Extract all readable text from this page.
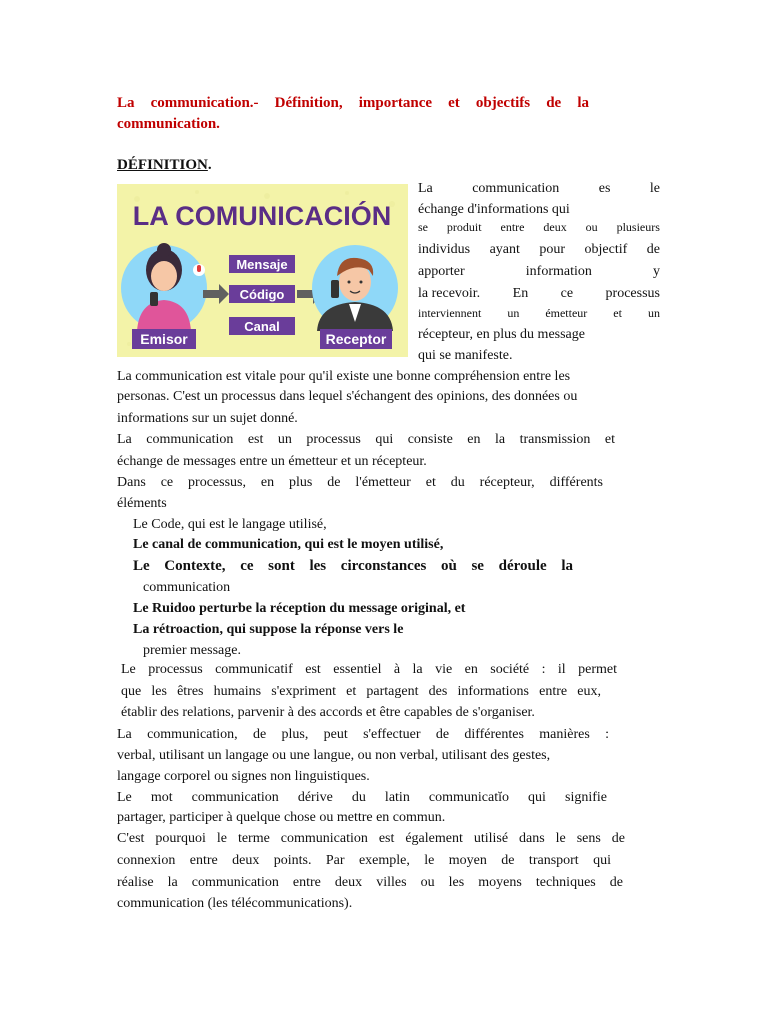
La communication.- Définition, importance et objectifs de la communication.
DÉFINITION.
LA COMUNICACIÓN
Emisor
Mensaje
Código
Canal
Receptor
La	communication	es	le
échange d'informations qui
se produit entre deux ou plusieurs
individus ayant pour objectif de
apporter	information	y
la recevoir. En ce processus
interviennent un émetteur et un
récepteur, en plus du message
qui se manifeste.
La communication est vitale pour qu'il existe une bonne compréhension entre les
personas. C'est un processus dans lequel s'échangent des opinions, des données ou
informations sur un sujet donné.
La communication est un processus qui consiste en la transmission et
échange de messages entre un émetteur et un récepteur.
Dans ce processus, en plus de l'émetteur et du récepteur, différents
éléments
Le Code, qui est le langage utilisé,
Le canal de communication, qui est le moyen utilisé,
Le Contexte, ce sont les circonstances où se déroule la
communication
Le Ruidoo perturbe la réception du message original, et
La rétroaction, qui suppose la réponse vers le
premier message.
Le processus communicatif est essentiel à la vie en société : il permet
que les êtres humains s'expriment et partagent des informations entre eux,
établir des relations, parvenir à des accords et être capables de s'organiser.
La communication, de plus, peut s'effectuer de différentes manières :
verbal, utilisant un langage ou une langue, ou non verbal, utilisant des gestes,
langage corporel ou signes non linguistiques.
Le mot communication dérive du latin communicatĭo qui signifie
partager, participer à quelque chose ou mettre en commun.
C'est pourquoi le terme communication est également utilisé dans le sens de
connexion entre deux points. Par exemple, le moyen de transport qui
réalise la communication entre deux villes ou les moyens techniques de
communication (les télécommunications).
